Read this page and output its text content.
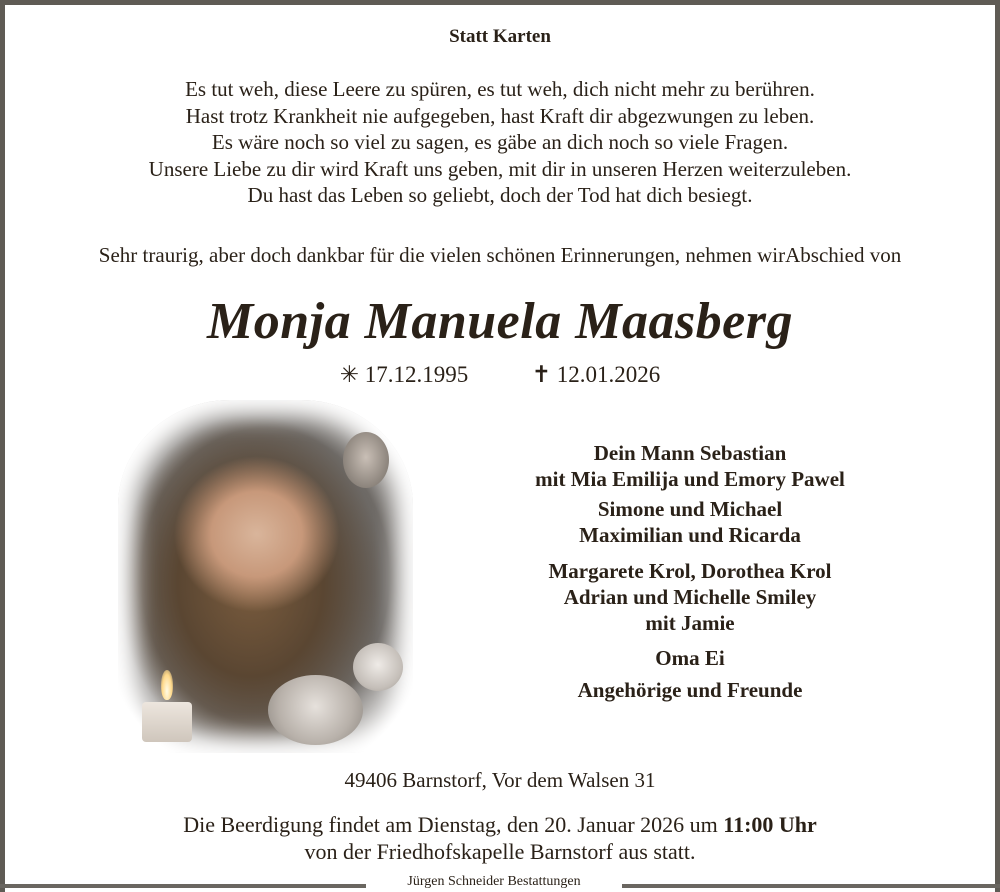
Statt Karten
Es tut weh, diese Leere zu spüren, es tut weh, dich nicht mehr zu berühren.
Hast trotz Krankheit nie aufgegeben, hast Kraft dir abgezwungen zu leben.
Es wäre noch so viel zu sagen, es gäbe an dich noch so viele Fragen.
Unsere Liebe zu dir wird Kraft uns geben, mit dir in unseren Herzen weiterzuleben.
Du hast das Leben so geliebt, doch der Tod hat dich besiegt.
Sehr traurig, aber doch dankbar für die vielen schönen Erinnerungen, nehmen wirAbschied von
Monja Manuela Maasberg
✳ 17.12.1995	✝ 12.01.2026
Dein Mann Sebastian
mit Mia Emilija und Emory Pawel
Simone und Michael
Maximilian und Ricarda
Margarete Krol, Dorothea Krol
Adrian und Michelle Smiley
mit Jamie
Oma Ei
Angehörige und Freunde
49406 Barnstorf, Vor dem Walsen 31
Die Beerdigung findet am Dienstag, den 20. Januar 2026 um 11:00 Uhr
von der Friedhofskapelle Barnstorf aus statt.
Jürgen Schneider Bestattungen
